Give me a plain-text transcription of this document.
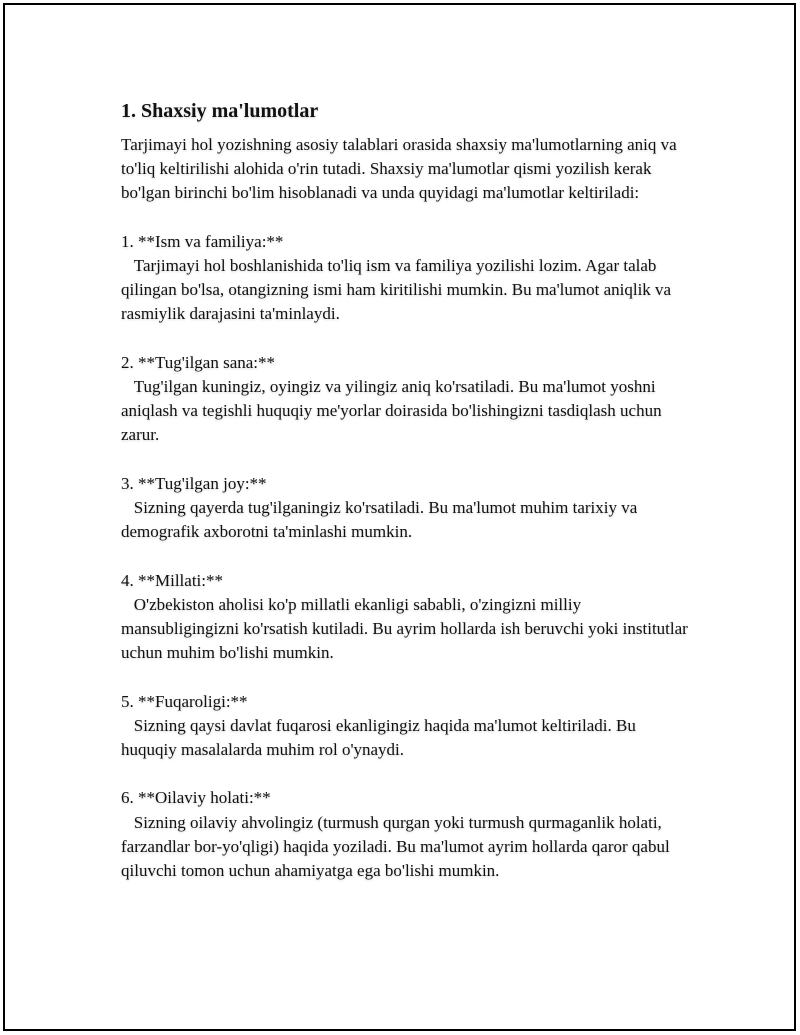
1. Shaxsiy ma'lumotlar

Tarjimayi hol yozishning asosiy talablari orasida shaxsiy ma'lumotlarning aniq va to'liq keltirilishi alohida o'rin tutadi. Shaxsiy ma'lumotlar qismi yozilish kerak bo'lgan birinchi bo'lim hisoblanadi va unda quyidagi ma'lumotlar keltiriladi:

1. **Ism va familiya:**
Tarjimayi hol boshlanishida to'liq ism va familiya yozilishi lozim. Agar talab qilingan bo'lsa, otangizning ismi ham kiritilishi mumkin. Bu ma'lumot aniqlik va rasmiylik darajasini ta'minlaydi.
2. **Tug'ilgan sana:**
Tug'ilgan kuningiz, oyingiz va yilingiz aniq ko'rsatiladi. Bu ma'lumot yoshni aniqlash va tegishli huquqiy me'yorlar doirasida bo'lishingizni tasdiqlash uchun zarur.
3. **Tug'ilgan joy:**
Sizning qayerda tug'ilganingiz ko'rsatiladi. Bu ma'lumot muhim tarixiy va demografik axborotni ta'minlashi mumkin.
4. **Millati:**
O'zbekiston aholisi ko'p millatli ekanligi sababli, o'zingizni milliy mansubligingizni ko'rsatish kutiladi. Bu ayrim hollarda ish beruvchi yoki institutlar uchun muhim bo'lishi mumkin.
5. **Fuqaroligi:**
Sizning qaysi davlat fuqarosi ekanligingiz haqida ma'lumot keltiriladi. Bu huquqiy masalalarda muhim rol o'ynaydi.
6. **Oilaviy holati:**
Sizning oilaviy ahvolingiz (turmush qurgan yoki turmush qurmaganlik holati, farzandlar bor-yo'qligi) haqida yoziladi. Bu ma'lumot ayrim hollarda qaror qabul qiluvchi tomon uchun ahamiyatga ega bo'lishi mumkin.
